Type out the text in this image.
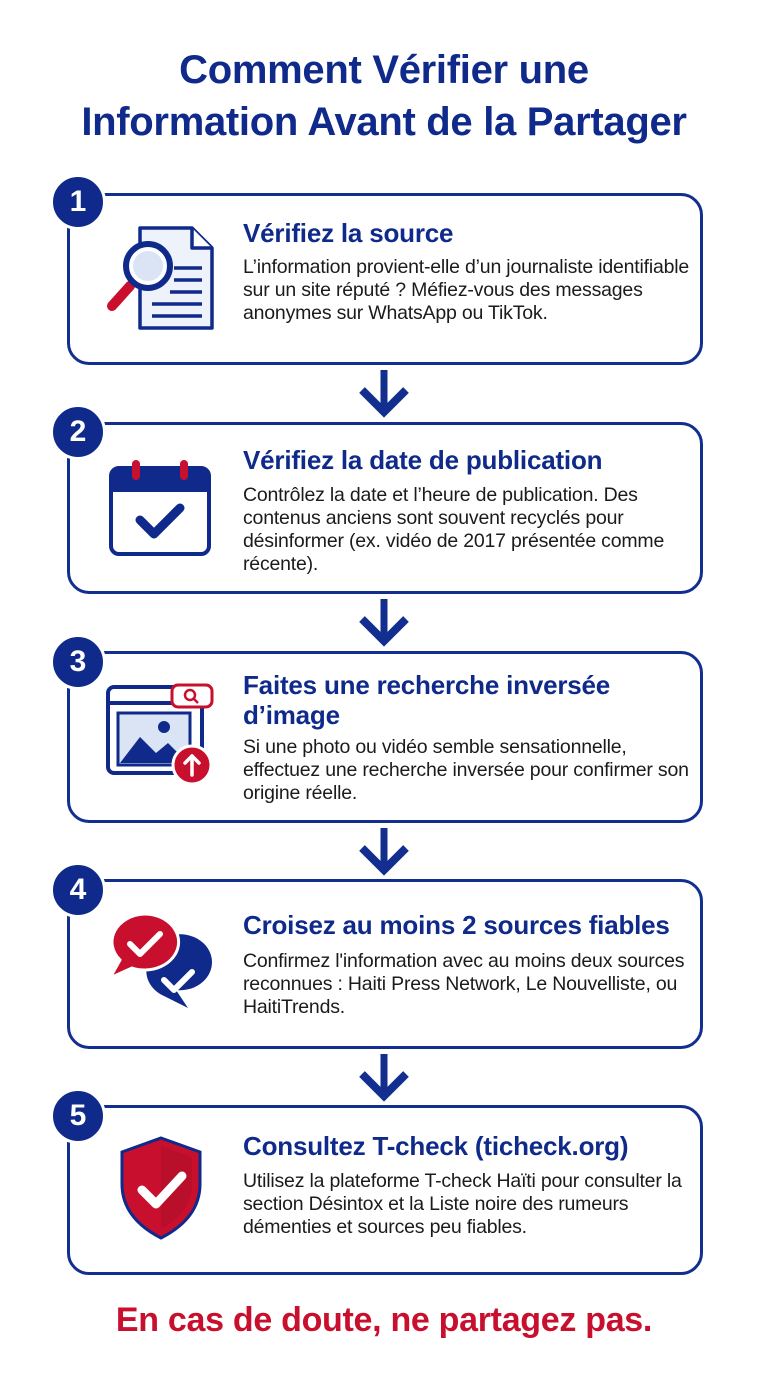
Comment Vérifier une
Information Avant de la Partager
1
Vérifiez la source
L’information provient-elle d’un journaliste identifiable sur un site réputé ? Méfiez-vous des messages anonymes sur WhatsApp ou TikTok.
2
Vérifiez la date de publication
Contrôlez la date et l’heure de publication. Des contenus anciens sont souvent recyclés pour désinformer (ex. vidéo de 2017 présentée comme récente).
3
Faites une recherche inversée d’image
Si une photo ou vidéo semble sensationnelle, effectuez une recherche inversée pour confirmer son origine réelle.
4
Croisez au moins 2 sources fiables
Confirmez l'information avec au moins deux sources reconnues : Haiti Press Network, Le Nouvelliste, ou HaitiTrends.
5
Consultez T-check (ticheck.org)
Utilisez la plateforme T-check Haïti pour consulter la section Désintox et la Liste noire des rumeurs démenties et sources peu fiables.
En cas de doute, ne partagez pas.
